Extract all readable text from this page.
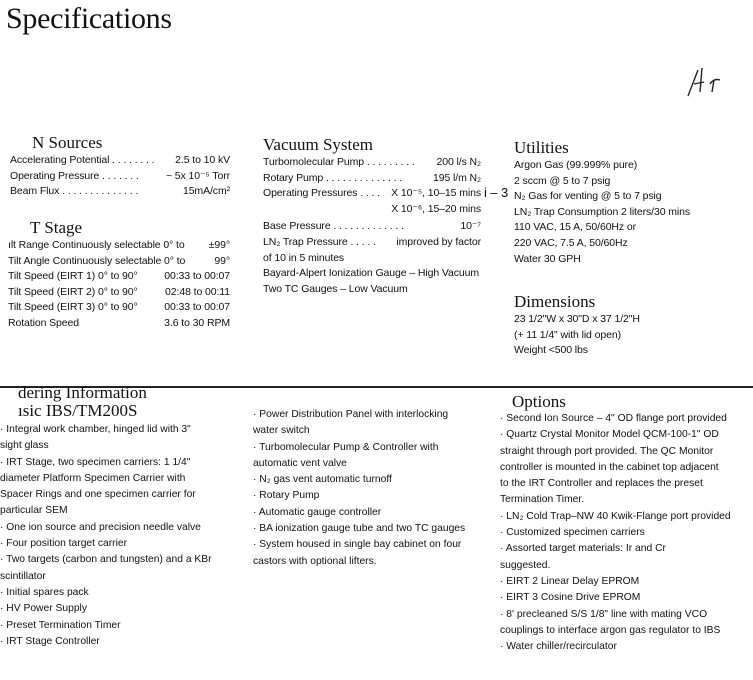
Specifications
N Sources
Accelerating Potential . . . . . . . . 2.5 to 10 kV
Operating Pressure . . . . . . .	~ 5x 10⁻⁵ Torr
Beam Flux . . . . . . . . . . . . . .	15mA/cm²
T Stage
ılt Range Continuously selectable 0° to ±99°
Tilt Angle Continuously selectable 0° to	99°
Tilt Speed (EIRT 1) 0° to 90°	00:33 to 00:07
Tilt Speed (EIRT 2) 0° to 90°	02:48 to 00:11
Tilt Speed (EIRT 3) 0° to 90°	00:33 to 00:07
Rotation Speed	3.6 to 30 RPM
Vacuum System
Turbomolecular Pump . . . . . . . . . 200 l/s N₂
Rotary Pump . . . . . . . . . . . . . .	195 l/m N₂
Operating Pressures . . . . X 10⁻⁵, 10–15 mins
X 10⁻⁶, 15–20 mins
Base Pressure . . . . . . . . . . . . .	10⁻⁷
LN₂ Trap Pressure . . . . . improved by factor
of 10 in 5 minutes
Bayard-Alpert Ionization Gauge – High Vacuum
Two TC Gauges – Low Vacuum
i – 3
Utilities
Argon Gas (99.999% pure)
2 sccm @ 5 to 7 psig
N₂ Gas for venting @ 5 to 7 psig
LN₂ Trap Consumption 2 liters/30 mins
110 VAC, 15 A, 50/60Hz or
220 VAC, 7.5 A, 50/60Hz
Water 30 GPH
Dimensions
23 1/2"W x 30"D x 37 1/2"H
(+ 11 1/4" with lid open)
Weight <500 lbs
dering Information
ısic IBS/TM200S
· Integral work chamber, hinged lid with 3"
sight glass
· IRT Stage, two specimen carriers: 1 1/4"
diameter Platform Specimen Carrier with
Spacer Rings and one specimen carrier for
particular SEM
· One ion source and precision needle valve
· Four position target carrier
· Two targets (carbon and tungsten) and a KBr
scintillator
· Initial spares pack
· HV Power Supply
· Preset Termination Timer
· IRT Stage Controller
· Power Distribution Panel with interlocking
water switch
· Turbomolecular Pump & Controller with
automatic vent valve
· N₂ gas vent automatic turnoff
· Rotary Pump
· Automatic gauge controller
· BA ionization gauge tube and two TC gauges
· System housed in single bay cabinet on four
castors with optional lifters.
Options
· Second Ion Source – 4" OD flange port provided
· Quartz Crystal Monitor Model QCM-100-1" OD
straight through port provided. The QC Monitor
controller is mounted in the cabinet top adjacent
to the IRT Controller and replaces the preset
Termination Timer.
· LN₂ Cold Trap–NW 40 Kwik-Flange port provided
· Customized specimen carriers
· Assorted target materials: Ir and Cr
suggested.
· EIRT 2 Linear Delay EPROM
· EIRT 3 Cosine Drive EPROM
· 8' precleaned S/S 1/8" line with mating VCO
couplings to interface argon gas regulator to IBS
· Water chiller/recirculator
